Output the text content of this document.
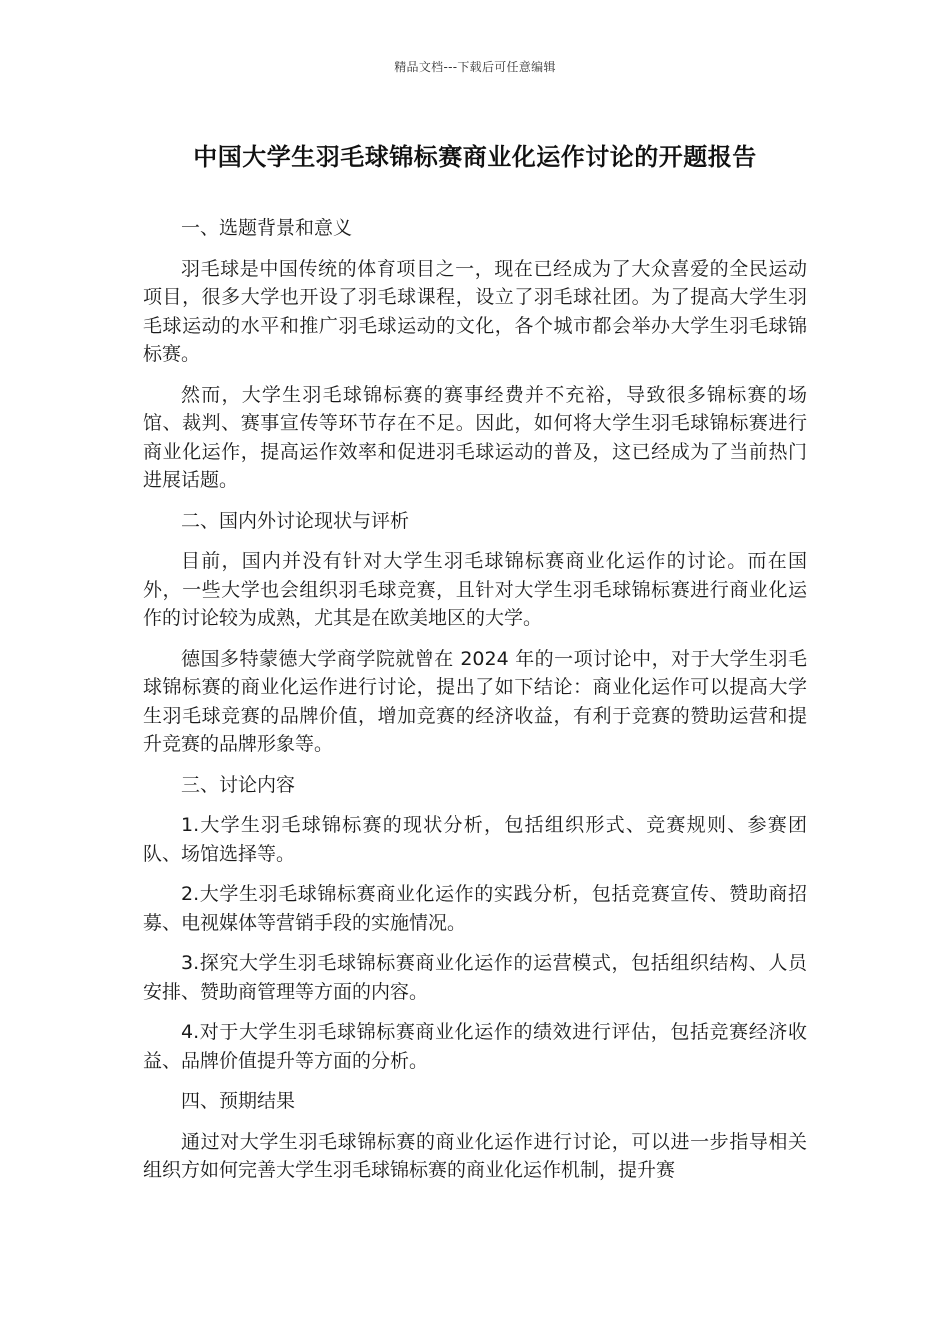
精品文档---下载后可任意编辑
中国大学生羽毛球锦标赛商业化运作讨论的开题报告

一、选题背景和意义

羽毛球是中国传统的体育项目之一，现在已经成为了大众喜爱的全民运动项目，很多大学也开设了羽毛球课程，设立了羽毛球社团。为了提高大学生羽毛球运动的水平和推广羽毛球运动的文化，各个城市都会举办大学生羽毛球锦标赛。

然而，大学生羽毛球锦标赛的赛事经费并不充裕，导致很多锦标赛的场馆、裁判、赛事宣传等环节存在不足。因此，如何将大学生羽毛球锦标赛进行商业化运作，提高运作效率和促进羽毛球运动的普及，这已经成为了当前热门进展话题。

二、国内外讨论现状与评析

目前，国内并没有针对大学生羽毛球锦标赛商业化运作的讨论。而在国外，一些大学也会组织羽毛球竞赛，且针对大学生羽毛球锦标赛进行商业化运作的讨论较为成熟，尤其是在欧美地区的大学。

德国多特蒙德大学商学院就曾在 2024 年的一项讨论中，对于大学生羽毛球锦标赛的商业化运作进行讨论，提出了如下结论：商业化运作可以提高大学生羽毛球竞赛的品牌价值，增加竞赛的经济收益，有利于竞赛的赞助运营和提升竞赛的品牌形象等。

三、讨论内容

1.大学生羽毛球锦标赛的现状分析，包括组织形式、竞赛规则、参赛团队、场馆选择等。

2.大学生羽毛球锦标赛商业化运作的实践分析，包括竞赛宣传、赞助商招募、电视媒体等营销手段的实施情况。

3.探究大学生羽毛球锦标赛商业化运作的运营模式，包括组织结构、人员安排、赞助商管理等方面的内容。

4.对于大学生羽毛球锦标赛商业化运作的绩效进行评估，包括竞赛经济收益、品牌价值提升等方面的分析。

四、预期结果

通过对大学生羽毛球锦标赛的商业化运作进行讨论，可以进一步指导相关组织方如何完善大学生羽毛球锦标赛的商业化运作机制，提升赛
